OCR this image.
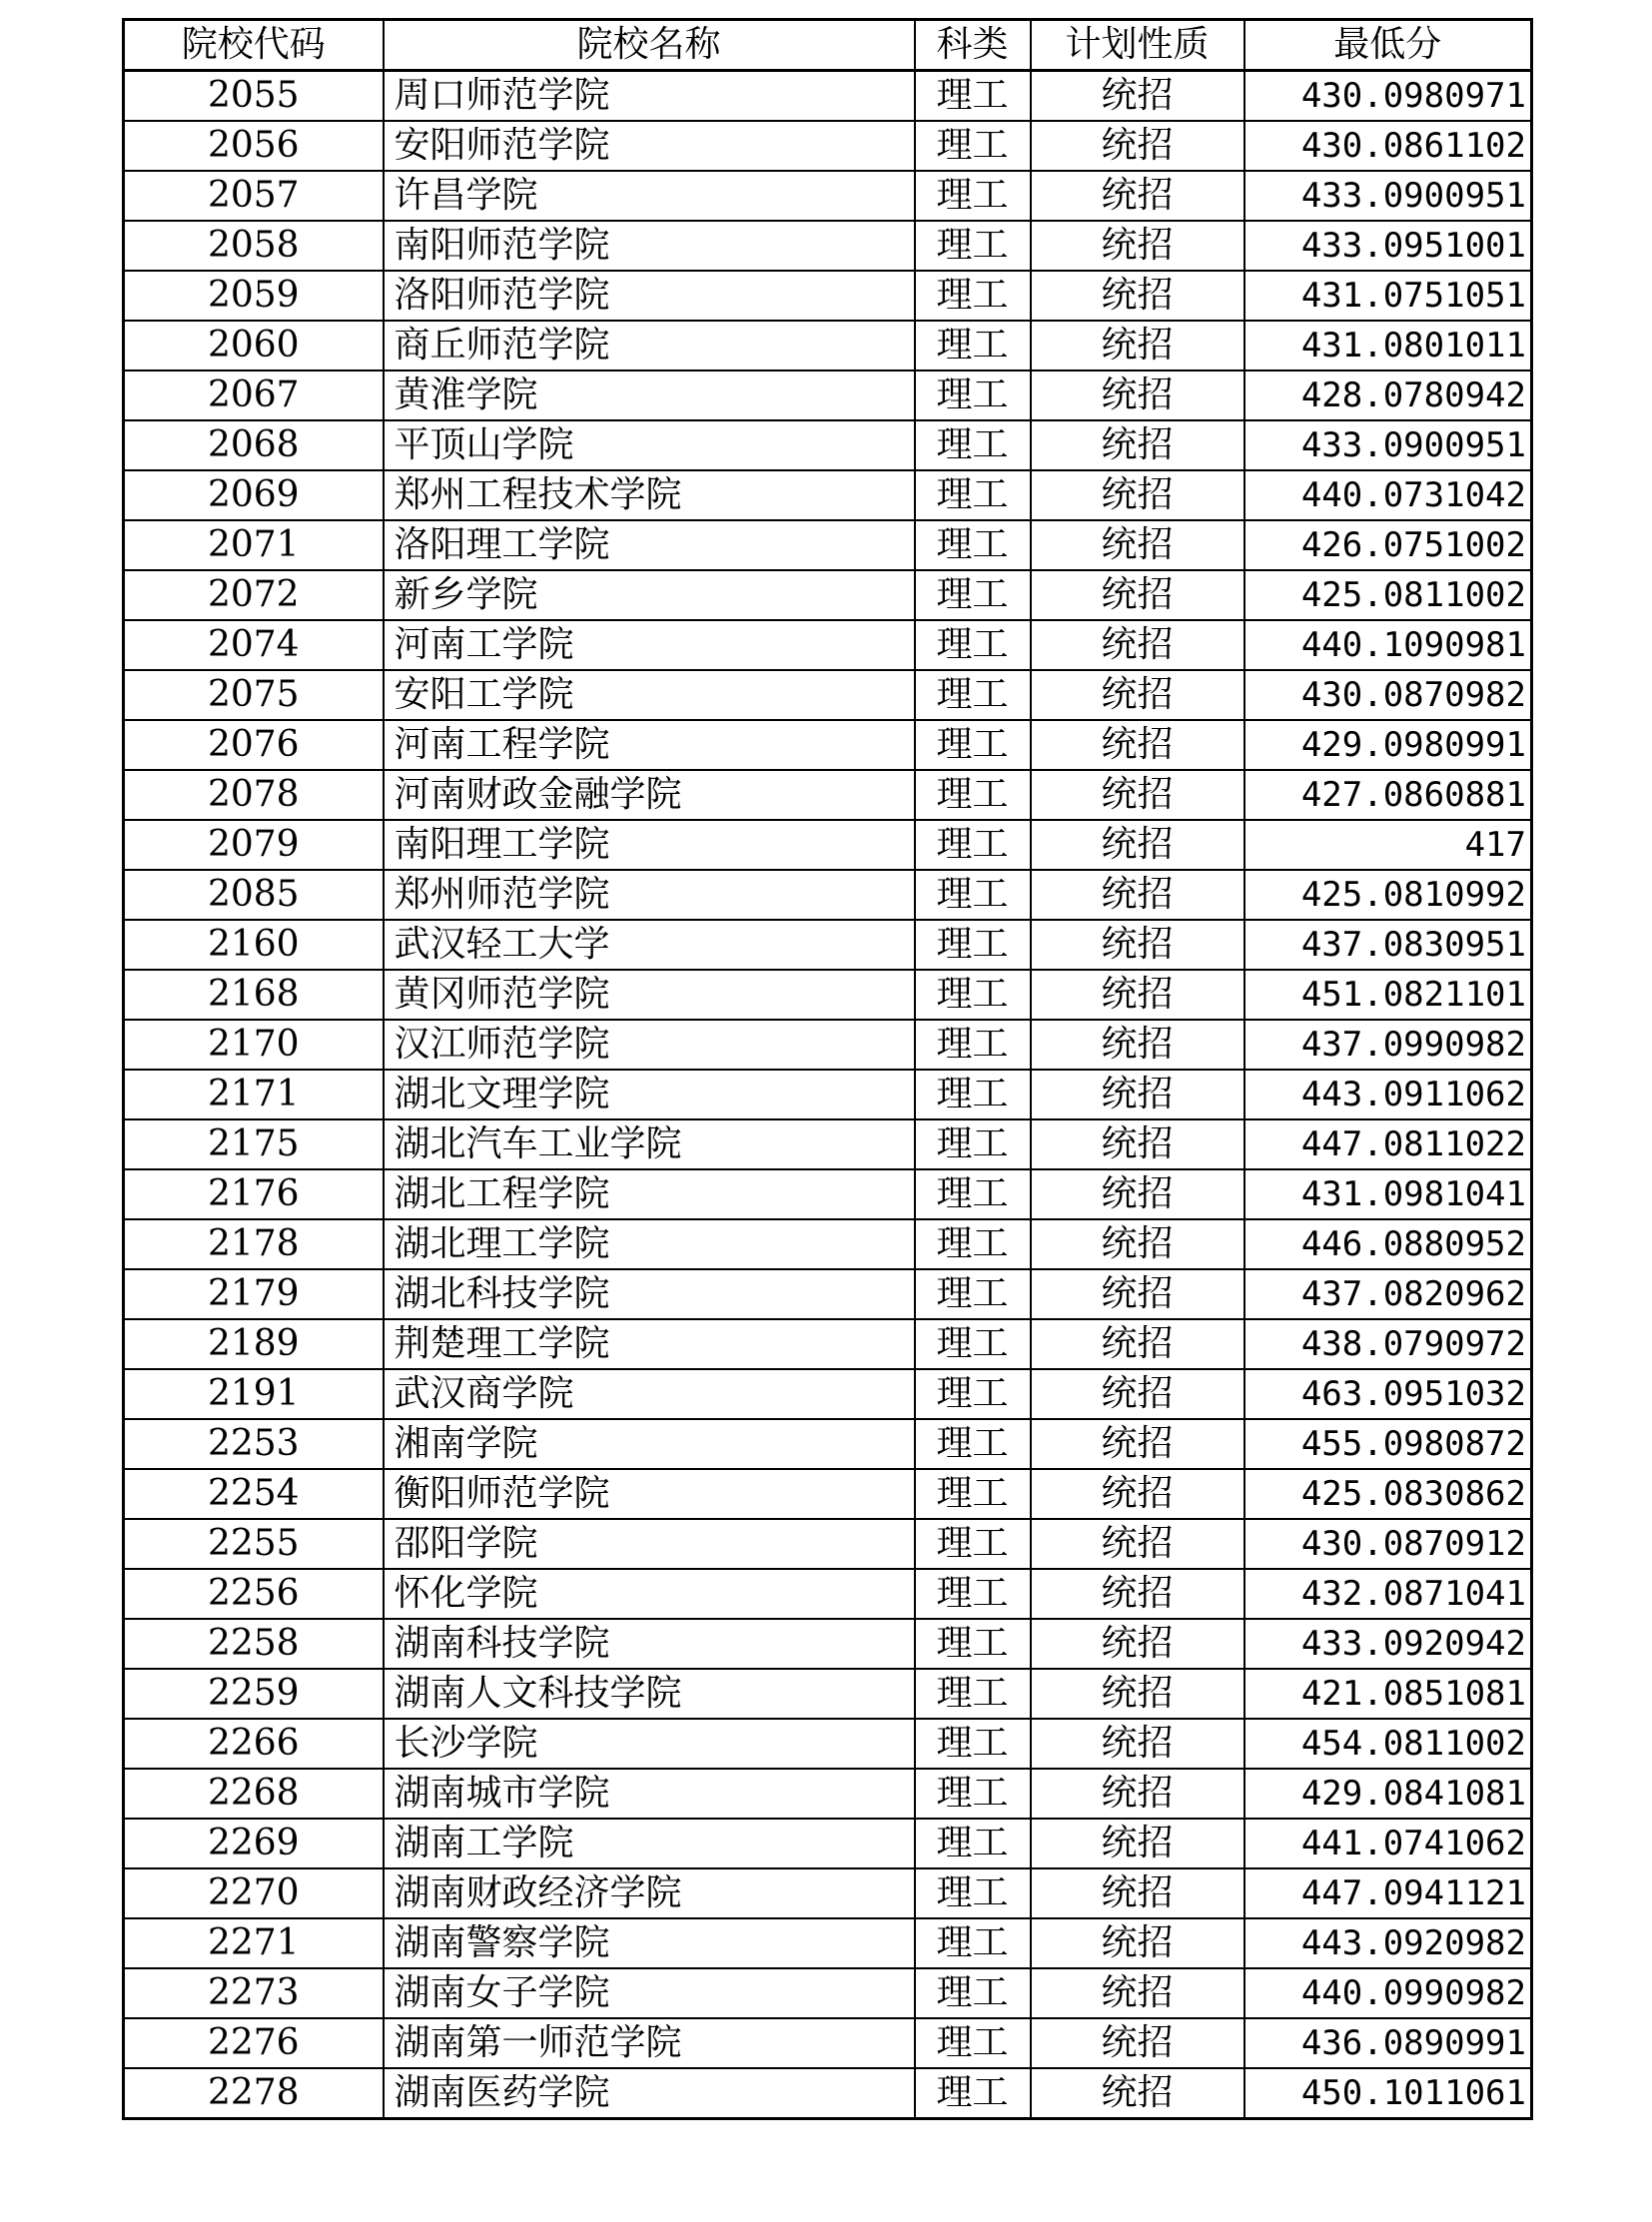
院校代码	院校名称	科类	计划性质	最低分
2055	周口师范学院	理工	统招	430.0980971
2056	安阳师范学院	理工	统招	430.0861102
2057	许昌学院	理工	统招	433.0900951
2058	南阳师范学院	理工	统招	433.0951001
2059	洛阳师范学院	理工	统招	431.0751051
2060	商丘师范学院	理工	统招	431.0801011
2067	黄淮学院	理工	统招	428.0780942
2068	平顶山学院	理工	统招	433.0900951
2069	郑州工程技术学院	理工	统招	440.0731042
2071	洛阳理工学院	理工	统招	426.0751002
2072	新乡学院	理工	统招	425.0811002
2074	河南工学院	理工	统招	440.1090981
2075	安阳工学院	理工	统招	430.0870982
2076	河南工程学院	理工	统招	429.0980991
2078	河南财政金融学院	理工	统招	427.0860881
2079	南阳理工学院	理工	统招	417
2085	郑州师范学院	理工	统招	425.0810992
2160	武汉轻工大学	理工	统招	437.0830951
2168	黄冈师范学院	理工	统招	451.0821101
2170	汉江师范学院	理工	统招	437.0990982
2171	湖北文理学院	理工	统招	443.0911062
2175	湖北汽车工业学院	理工	统招	447.0811022
2176	湖北工程学院	理工	统招	431.0981041
2178	湖北理工学院	理工	统招	446.0880952
2179	湖北科技学院	理工	统招	437.0820962
2189	荆楚理工学院	理工	统招	438.0790972
2191	武汉商学院	理工	统招	463.0951032
2253	湘南学院	理工	统招	455.0980872
2254	衡阳师范学院	理工	统招	425.0830862
2255	邵阳学院	理工	统招	430.0870912
2256	怀化学院	理工	统招	432.0871041
2258	湖南科技学院	理工	统招	433.0920942
2259	湖南人文科技学院	理工	统招	421.0851081
2266	长沙学院	理工	统招	454.0811002
2268	湖南城市学院	理工	统招	429.0841081
2269	湖南工学院	理工	统招	441.0741062
2270	湖南财政经济学院	理工	统招	447.0941121
2271	湖南警察学院	理工	统招	443.0920982
2273	湖南女子学院	理工	统招	440.0990982
2276	湖南第一师范学院	理工	统招	436.0890991
2278	湖南医药学院	理工	统招	450.1011061
